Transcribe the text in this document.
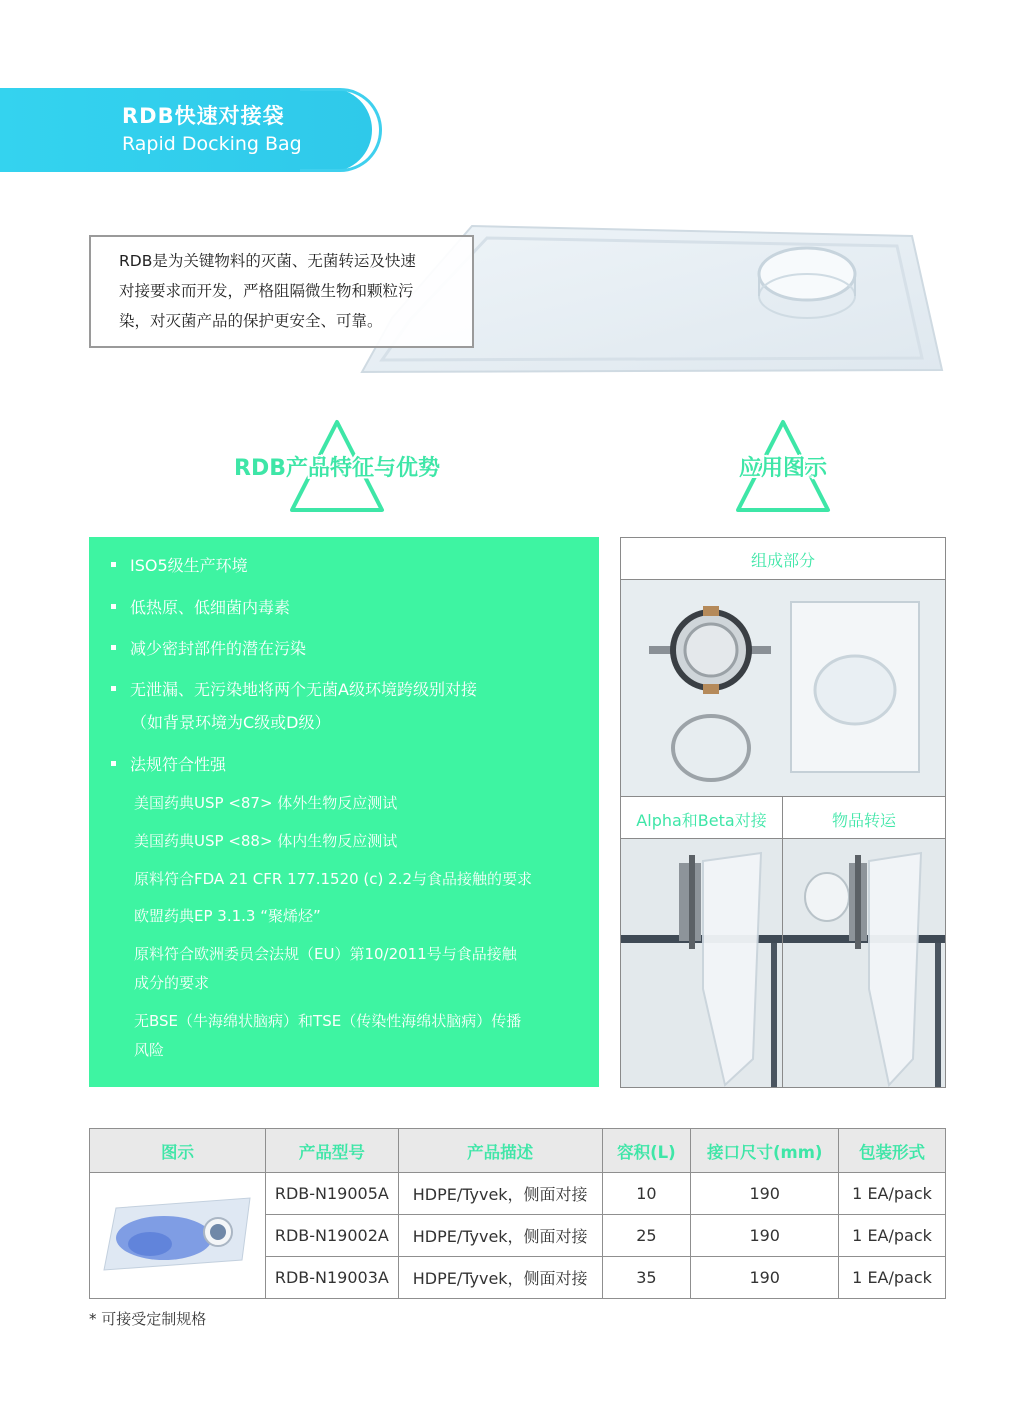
RDB快速对接袋
Rapid Docking Bag
RDB是为关键物料的灭菌、无菌转运及快速
对接要求而开发，严格阻隔微生物和颗粒污
染，对灭菌产品的保护更安全、可靠。
RDB产品特征与优势	应用图示
ISO5级生产环境
低热原、低细菌内毒素
减少密封部件的潜在污染
无泄漏、无污染地将两个无菌A级环境跨级别对接
（如背景环境为C级或D级）
法规符合性强
美国药典USP <87> 体外生物反应测试
美国药典USP <88> 体内生物反应测试
原料符合FDA 21 CFR 177.1520 (c) 2.2与食品接触的要求
欧盟药典EP 3.1.3 “聚烯烃”
原料符合欧洲委员会法规（EU）第10/2011号与食品接触
成分的要求
无BSE（牛海绵状脑病）和TSE（传染性海绵状脑病）传播
风险
组成部分
Alpha和Beta对接	物品转运
图示	产品型号	产品描述	容积(L)	接口尺寸(mm)	包装形式
	RDB-N19005A	HDPE/Tyvek，侧面对接	10	190	1 EA/pack
	RDB-N19002A	HDPE/Tyvek，侧面对接	25	190	1 EA/pack
	RDB-N19003A	HDPE/Tyvek，侧面对接	35	190	1 EA/pack
* 可接受定制规格
